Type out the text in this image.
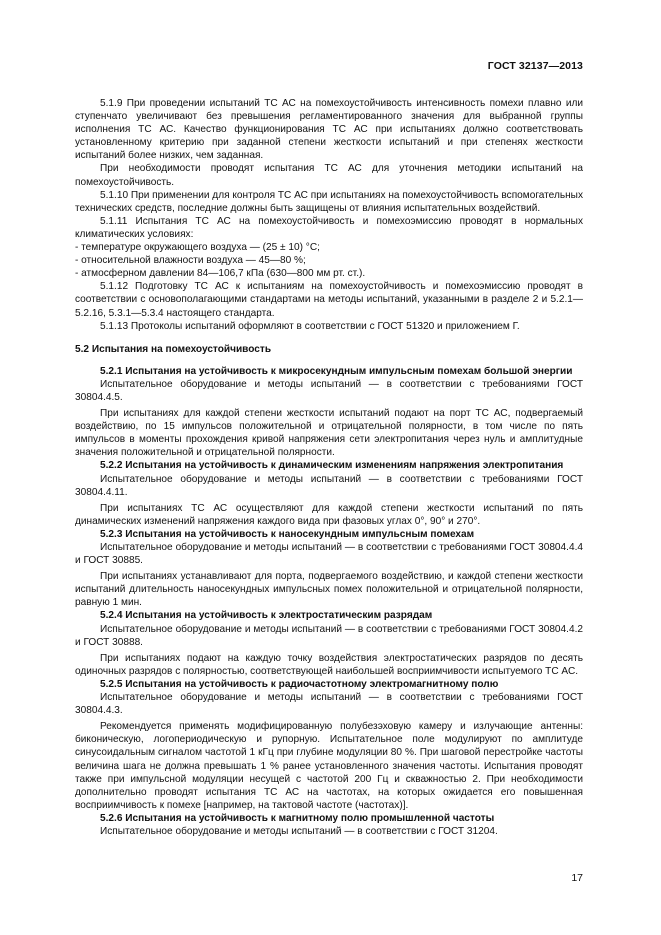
ГОСТ 32137—2013

5.1.9 При проведении испытаний ТС АС на помехоустойчивость интенсивность помехи плавно или ступенчато увеличивают без превышения регламентированного значения для выбранной группы исполнения ТС АС. Качество функционирования ТС АС при испытаниях должно соответствовать установленному критерию при заданной степени жесткости испытаний и при степенях жесткости испытаний более низких, чем заданная.

При необходимости проводят испытания ТС АС для уточнения методики испытаний на помехоустойчивость.

5.1.10 При применении для контроля ТС АС при испытаниях на помехоустойчивость вспомогательных технических средств, последние должны быть защищены от влияния испытательных воздействий.

5.1.11 Испытания ТС АС на помехоустойчивость и помехоэмиссию проводят в нормальных климатических условиях:

- температуре окружающего воздуха — (25 ± 10) °С;

- относительной влажности воздуха — 45—80 %;

- атмосферном давлении 84—106,7 кПа (630—800 мм рт. ст.).

5.1.12 Подготовку ТС АС к испытаниям на помехоустойчивость и помехоэмиссию проводят в соответствии с основополагающими стандартами на методы испытаний, указанными в разделе 2 и 5.2.1—5.2.16, 5.3.1—5.3.4 настоящего стандарта.

5.1.13 Протоколы испытаний оформляют в соответствии с ГОСТ 51320 и приложением Г.

5.2 Испытания на помехоустойчивость

5.2.1 Испытания на устойчивость к микросекундным импульсным помехам большой энергии

Испытательное оборудование и методы испытаний — в соответствии с требованиями ГОСТ 30804.4.5.

При испытаниях для каждой степени жесткости испытаний подают на порт ТС АС, подвергаемый воздействию, по 15 импульсов положительной и отрицательной полярности, в том числе по пять импульсов в моменты прохождения кривой напряжения сети электропитания через нуль и амплитудные значения положительной и отрицательной полярности.

5.2.2 Испытания на устойчивость к динамическим изменениям напряжения электропитания

Испытательное оборудование и методы испытаний — в соответствии с требованиями ГОСТ 30804.4.11.

При испытаниях ТС АС осуществляют для каждой степени жесткости испытаний по пять динамических изменений напряжения каждого вида при фазовых углах 0°, 90° и 270°.

5.2.3 Испытания на устойчивость к наносекундным импульсным помехам

Испытательное оборудование и методы испытаний — в соответствии с требованиями ГОСТ 30804.4.4 и ГОСТ 30885.

При испытаниях устанавливают для порта, подвергаемого воздействию, и каждой степени жесткости испытаний длительность наносекундных импульсных помех положительной и отрицательной полярности, равную 1 мин.

5.2.4 Испытания на устойчивость к электростатическим разрядам

Испытательное оборудование и методы испытаний — в соответствии с требованиями ГОСТ 30804.4.2 и ГОСТ 30888.

При испытаниях подают на каждую точку воздействия электростатических разрядов по десять одиночных разрядов с полярностью, соответствующей наибольшей восприимчивости испытуемого ТС АС.

5.2.5 Испытания на устойчивость к радиочастотному электромагнитному полю

Испытательное оборудование и методы испытаний — в соответствии с требованиями ГОСТ 30804.4.3.

Рекомендуется применять модифицированную полубезэховую камеру и излучающие антенны: биконическую, логопериодическую и рупорную. Испытательное поле модулируют по амплитуде синусоидальным сигналом частотой 1 кГц при глубине модуляции 80 %. При шаговой перестройке частоты величина шага не должна превышать 1 % ранее установленного значения частоты. Испытания проводят также при импульсной модуляции несущей с частотой 200 Гц и скважностью 2. При необходимости дополнительно проводят испытания ТС АС на частотах, на которых ожидается его повышенная восприимчивость к помехе [например, на тактовой частоте (частотах)].

5.2.6 Испытания на устойчивость к магнитному полю промышленной частоты

Испытательное оборудование и методы испытаний — в соответствии с ГОСТ 31204.

17
